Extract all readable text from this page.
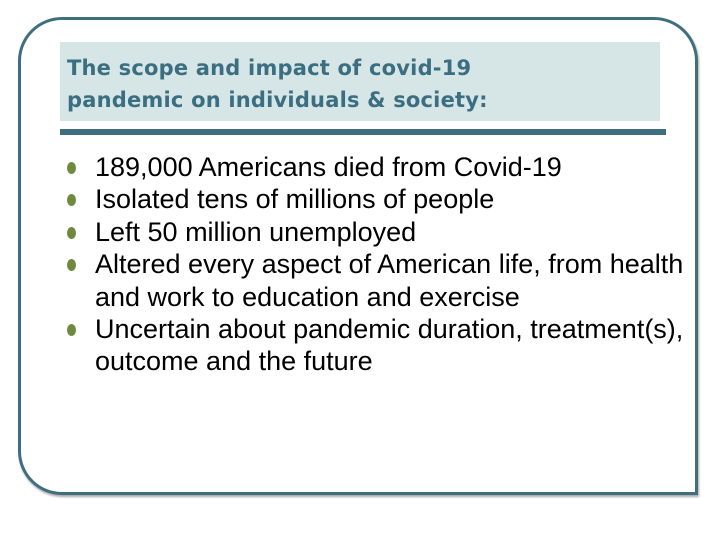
The scope and impact of covid-19
pandemic on individuals & society:

189,000 Americans died from Covid-19
Isolated tens of millions of people
Left 50 million unemployed
Altered every aspect of American life, from health and work to education and exercise
Uncertain about pandemic duration, treatment(s), outcome and the future
